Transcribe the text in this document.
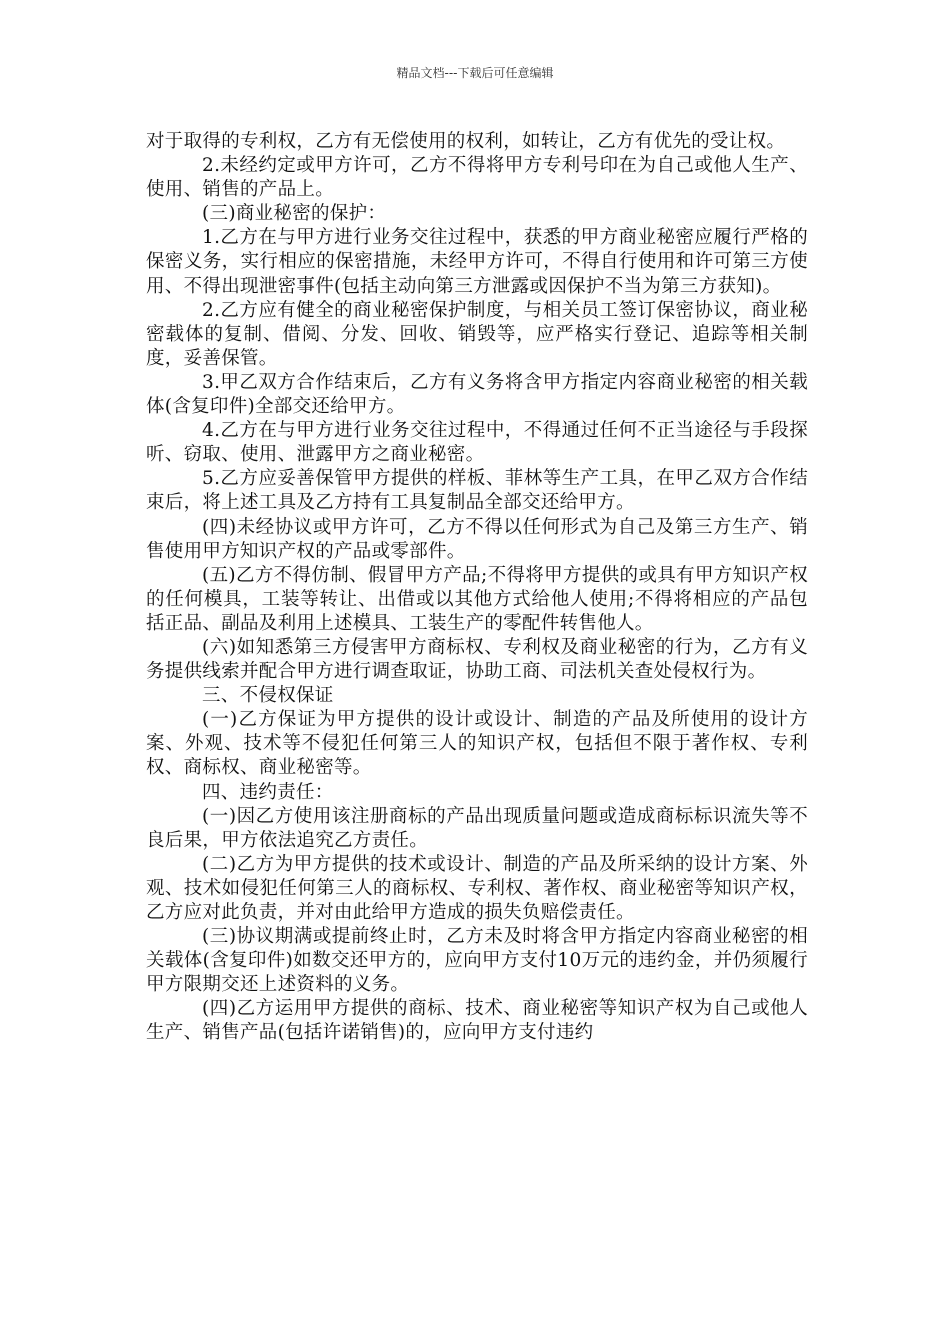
精品文档---下载后可任意编辑

对于取得的专利权，乙方有无偿使用的权利，如转让，乙方有优先的受让权。

2.未经约定或甲方许可，乙方不得将甲方专利号印在为自己或他人生产、使用、销售的产品上。

(三)商业秘密的保护：

1.乙方在与甲方进行业务交往过程中，获悉的甲方商业秘密应履行严格的保密义务，实行相应的保密措施，未经甲方许可，不得自行使用和许可第三方使用、不得出现泄密事件(包括主动向第三方泄露或因保护不当为第三方获知)。

2.乙方应有健全的商业秘密保护制度，与相关员工签订保密协议，商业秘密载体的复制、借阅、分发、回收、销毁等，应严格实行登记、追踪等相关制度，妥善保管。

3.甲乙双方合作结束后，乙方有义务将含甲方指定内容商业秘密的相关载体(含复印件)全部交还给甲方。

4.乙方在与甲方进行业务交往过程中，不得通过任何不正当途径与手段探听、窃取、使用、泄露甲方之商业秘密。

5.乙方应妥善保管甲方提供的样板、菲林等生产工具，在甲乙双方合作结束后，将上述工具及乙方持有工具复制品全部交还给甲方。

(四)未经协议或甲方许可，乙方不得以任何形式为自己及第三方生产、销售使用甲方知识产权的产品或零部件。

(五)乙方不得仿制、假冒甲方产品;不得将甲方提供的或具有甲方知识产权的任何模具，工装等转让、出借或以其他方式给他人使用;不得将相应的产品包括正品、副品及利用上述模具、工装生产的零配件转售他人。

(六)如知悉第三方侵害甲方商标权、专利权及商业秘密的行为，乙方有义务提供线索并配合甲方进行调查取证，协助工商、司法机关查处侵权行为。

三、不侵权保证

(一)乙方保证为甲方提供的设计或设计、制造的产品及所使用的设计方案、外观、技术等不侵犯任何第三人的知识产权，包括但不限于著作权、专利权、商标权、商业秘密等。

四、违约责任：

(一)因乙方使用该注册商标的产品出现质量问题或造成商标标识流失等不良后果，甲方依法追究乙方责任。

(二)乙方为甲方提供的技术或设计、制造的产品及所采纳的设计方案、外观、技术如侵犯任何第三人的商标权、专利权、著作权、商业秘密等知识产权，乙方应对此负责，并对由此给甲方造成的损失负赔偿责任。

(三)协议期满或提前终止时，乙方未及时将含甲方指定内容商业秘密的相关载体(含复印件)如数交还甲方的，应向甲方支付10万元的违约金，并仍须履行甲方限期交还上述资料的义务。

(四)乙方运用甲方提供的商标、技术、商业秘密等知识产权为自己或他人生产、销售产品(包括许诺销售)的，应向甲方支付违约
